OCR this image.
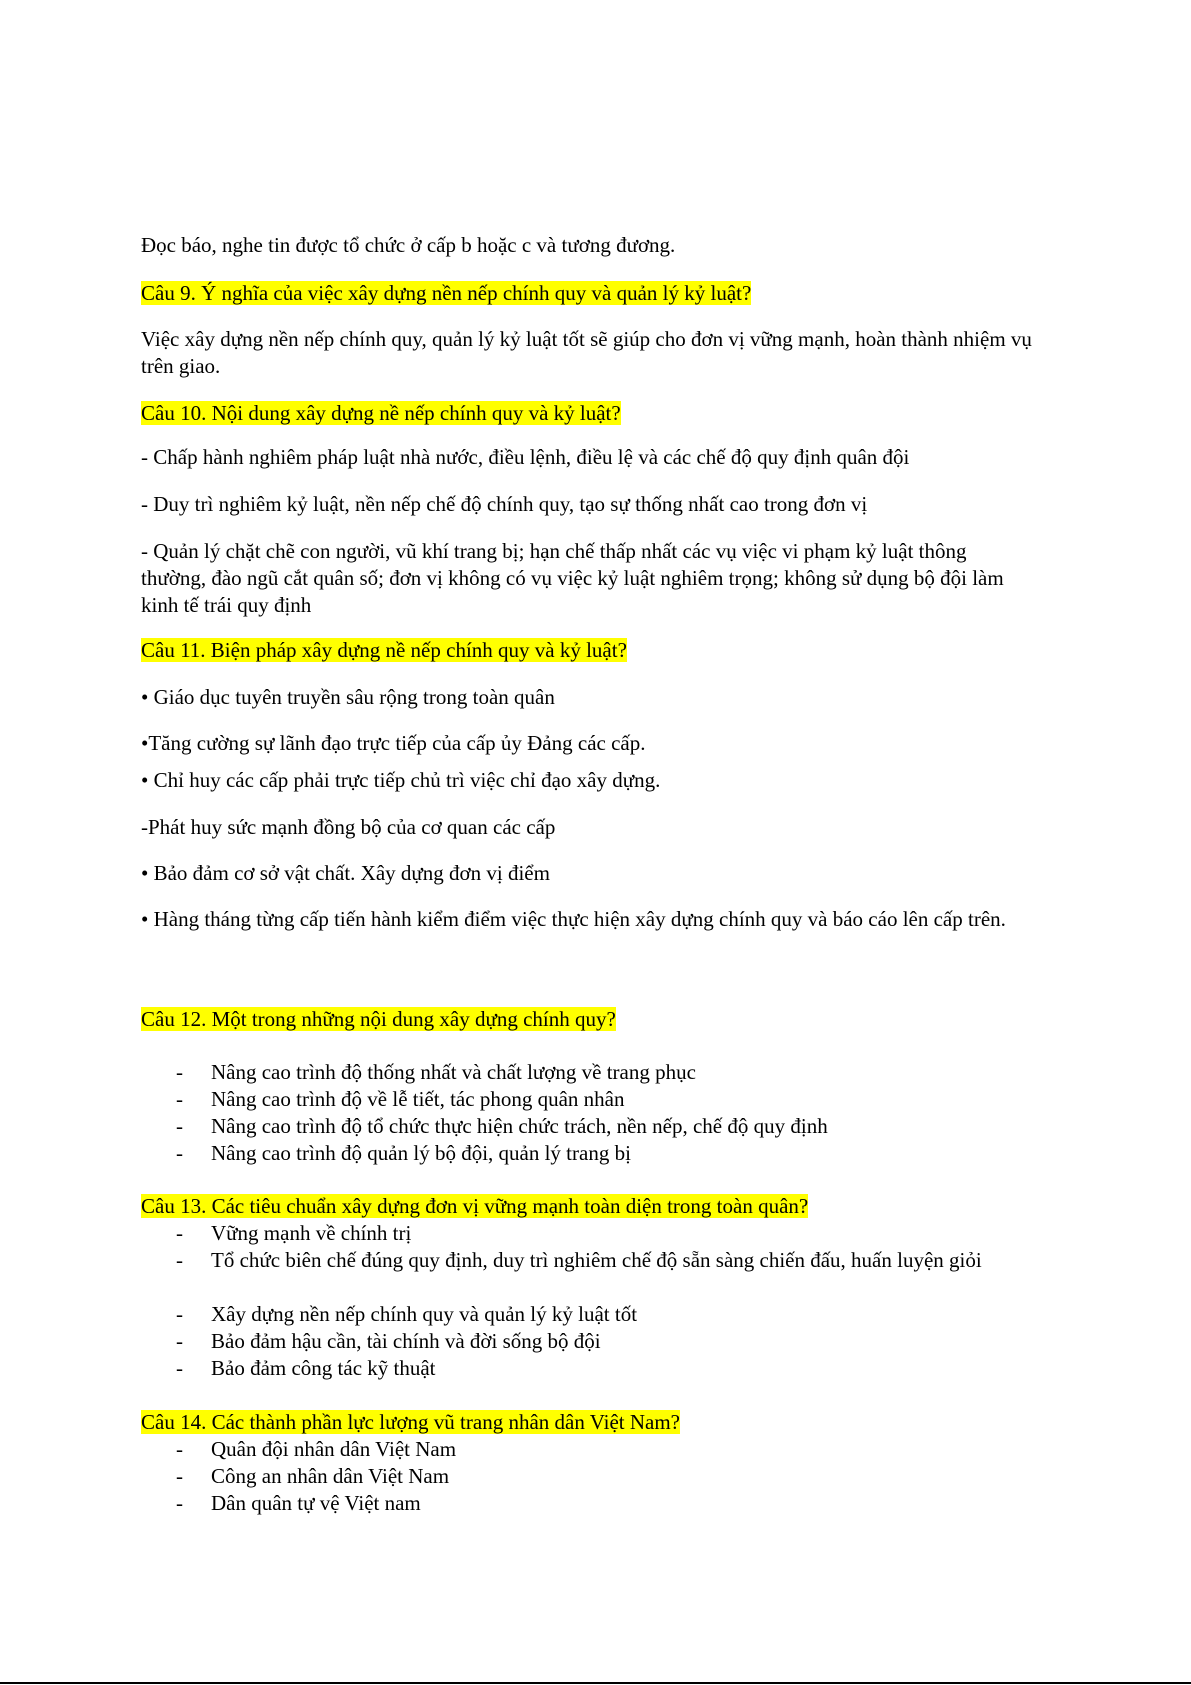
Đọc báo, nghe tin được tổ chức ở cấp b hoặc c và tương đương.

Câu 9. Ý nghĩa của việc xây dựng nền nếp chính quy và quản lý kỷ luật?

Việc xây dựng nền nếp chính quy, quản lý kỷ luật tốt sẽ giúp cho đơn vị vững mạnh, hoàn thành nhiệm vụ trên giao.

Câu 10. Nội dung xây dựng nề nếp chính quy và kỷ luật?

- Chấp hành nghiêm pháp luật nhà nước, điều lệnh, điều lệ và các chế độ quy định quân đội

- Duy trì nghiêm kỷ luật, nền nếp chế độ chính quy, tạo sự thống nhất cao trong đơn vị

- Quản lý chặt chẽ con người, vũ khí trang bị; hạn chế thấp nhất các vụ việc vi phạm kỷ luật thông thường, đào ngũ cắt quân số; đơn vị không có vụ việc kỷ luật nghiêm trọng; không sử dụng bộ đội làm kinh tế trái quy định

Câu 11. Biện pháp xây dựng nề nếp chính quy và kỷ luật?

• Giáo dục tuyên truyền sâu rộng trong toàn quân

•Tăng cường sự lãnh đạo trực tiếp của cấp ủy Đảng các cấp.

• Chỉ huy các cấp phải trực tiếp chủ trì việc chỉ đạo xây dựng.

-Phát huy sức mạnh đồng bộ của cơ quan các cấp

• Bảo đảm cơ sở vật chất. Xây dựng đơn vị điểm

• Hàng tháng từng cấp tiến hành kiểm điểm việc thực hiện xây dựng chính quy và báo cáo lên cấp trên.

Câu 12. Một trong những nội dung xây dựng chính quy?

- Nâng cao trình độ thống nhất và chất lượng về trang phục
- Nâng cao trình độ về lễ tiết, tác phong quân nhân
- Nâng cao trình độ tổ chức thực hiện chức trách, nền nếp, chế độ quy định
- Nâng cao trình độ quản lý bộ đội, quản lý trang bị

Câu 13. Các tiêu chuẩn xây dựng đơn vị vững mạnh toàn diện trong toàn quân?

- Vững mạnh về chính trị
- Tổ chức biên chế đúng quy định, duy trì nghiêm chế độ sẵn sàng chiến đấu, huấn luyện giỏi
- Xây dựng nền nếp chính quy và quản lý kỷ luật tốt
- Bảo đảm hậu cần, tài chính và đời sống bộ đội
- Bảo đảm công tác kỹ thuật

Câu 14. Các thành phần lực lượng vũ trang nhân dân Việt Nam?

- Quân đội nhân dân Việt Nam
- Công an nhân dân Việt Nam
- Dân quân tự vệ Việt nam
